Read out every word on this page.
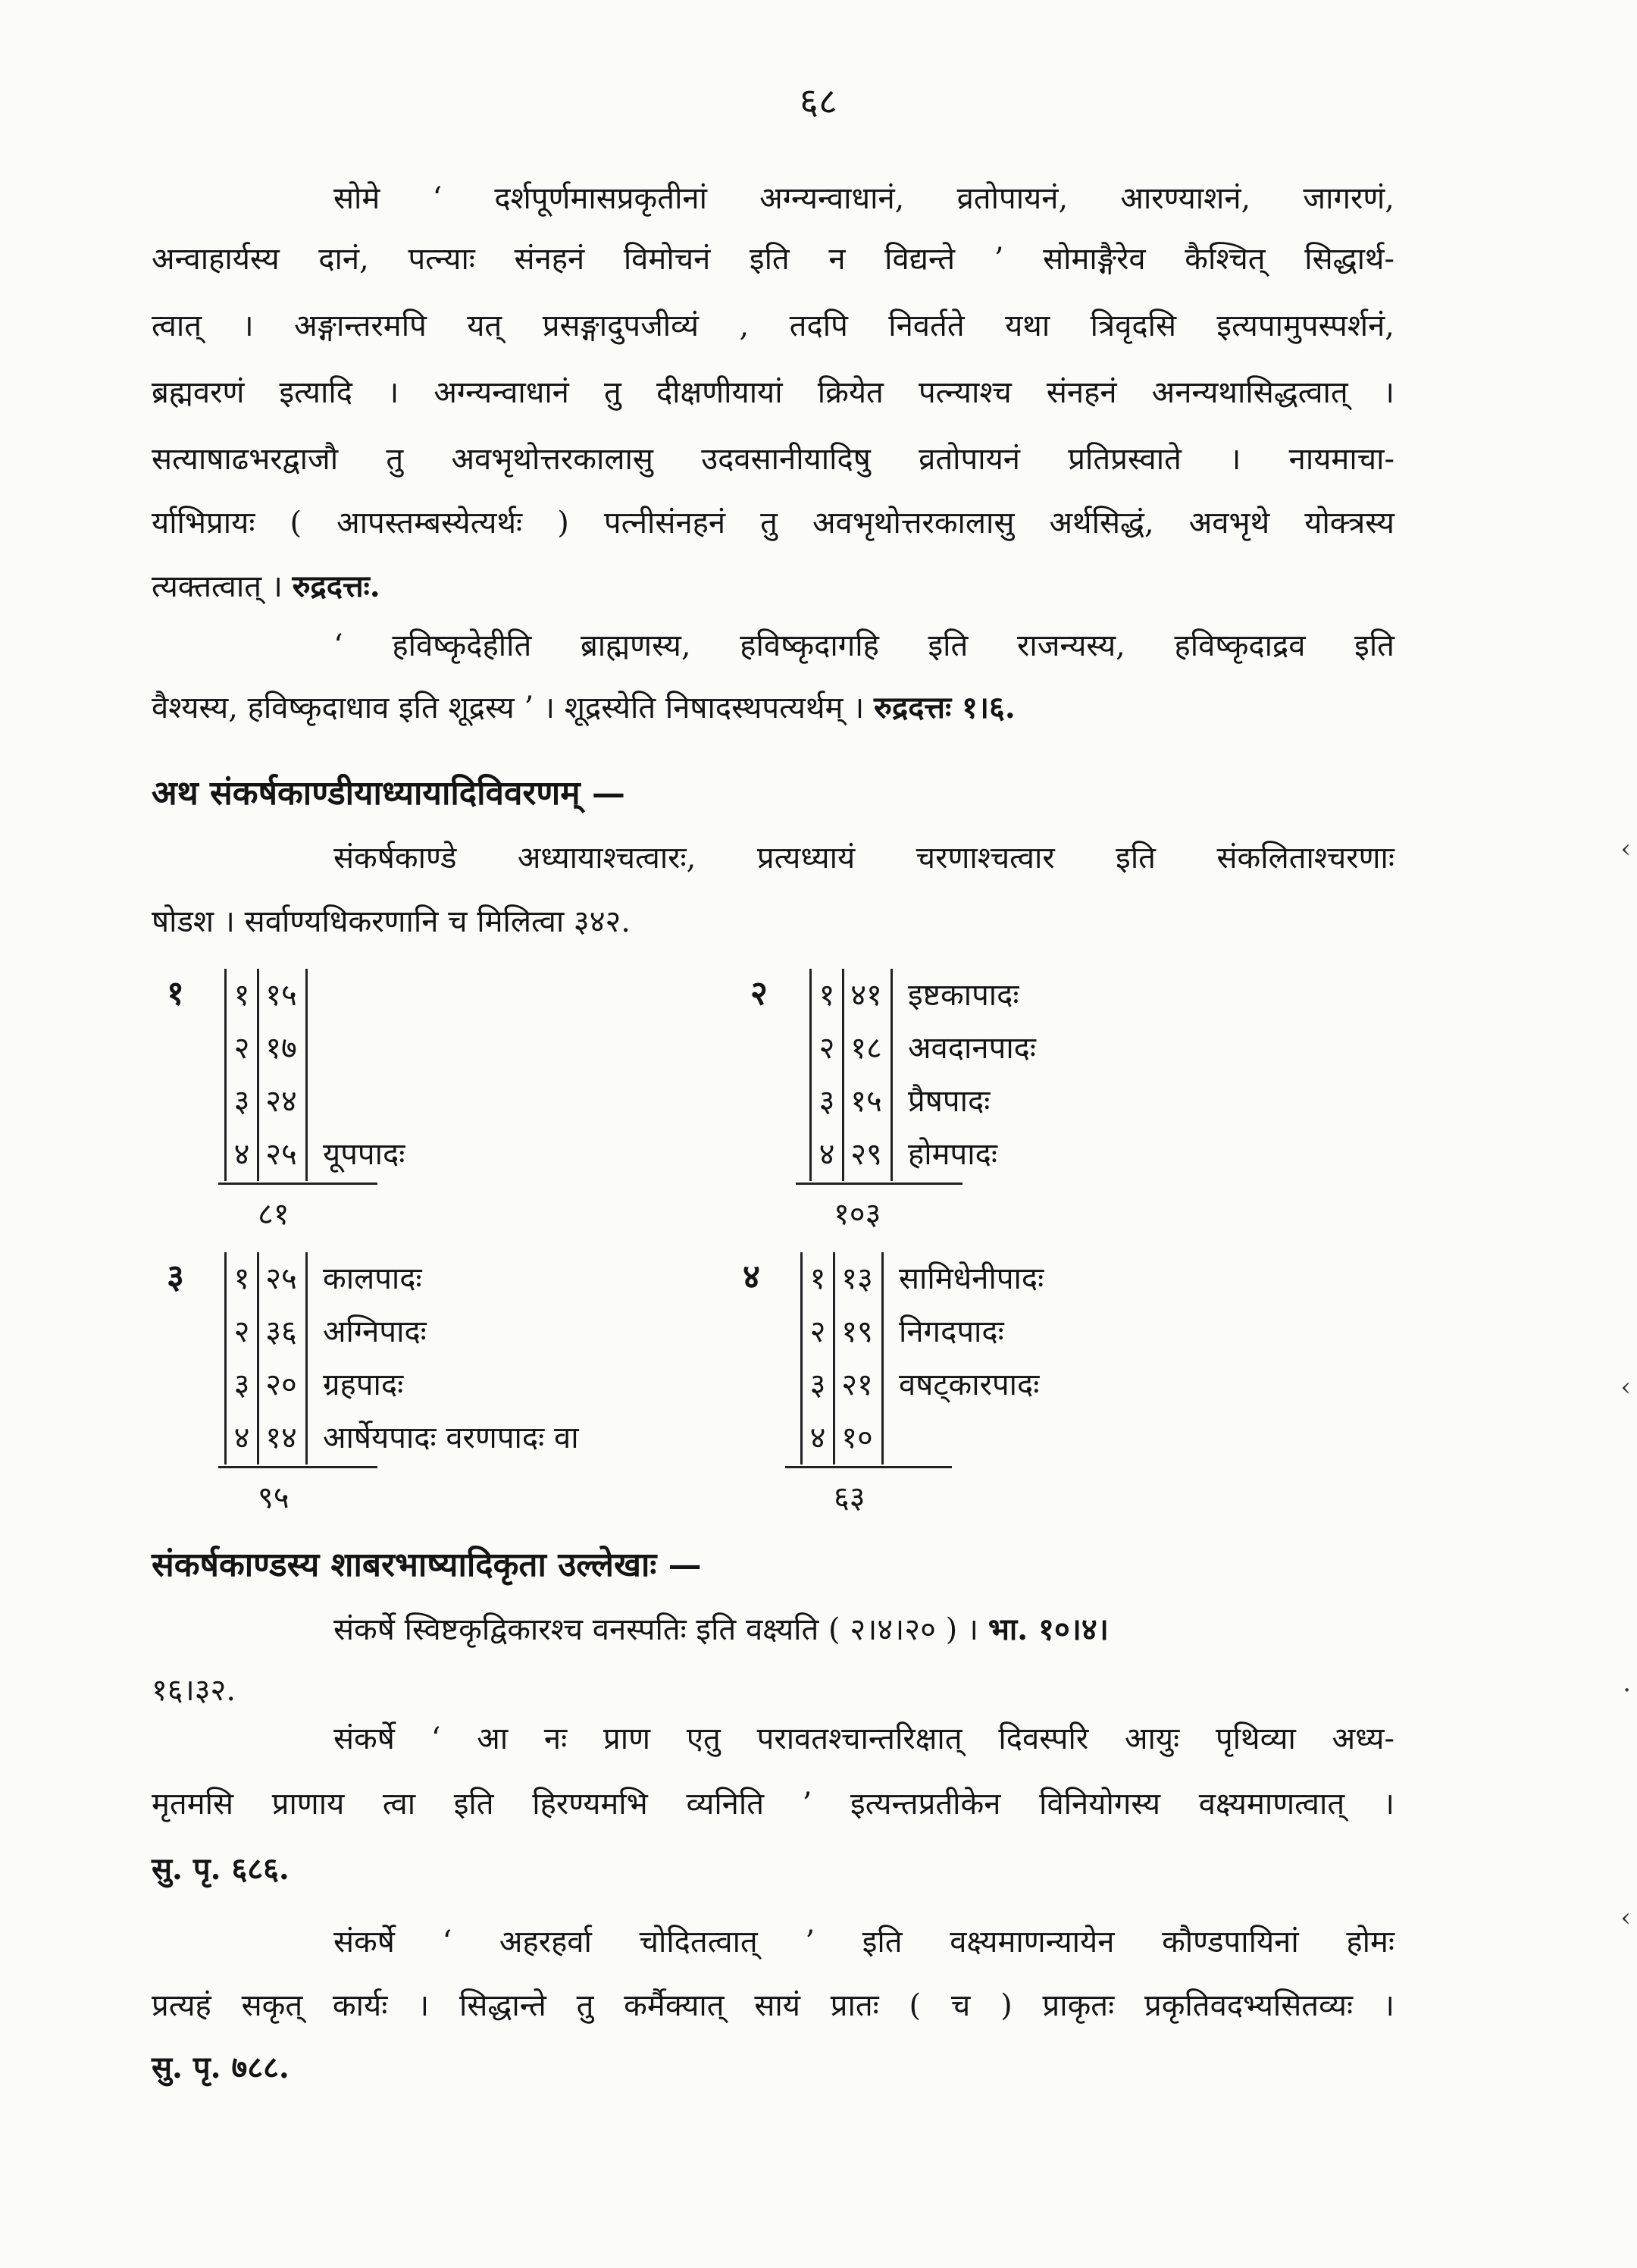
६८
सोमे ‘ दर्शपूर्णमासप्रकृतीनां अग्न्यन्वाधानं, व्रतोपायनं, आरण्याशनं, जागरणं,
अन्वाहार्यस्य दानं, पत्न्याः संनहनं विमोचनं इति न विद्यन्ते ’ सोमाङ्गैरेव कैश्चित् सिद्धार्थ-
त्वात् । अङ्गान्तरमपि यत् प्रसङ्गादुपजीव्यं , तदपि निवर्तते यथा त्रिवृदसि इत्यपामुपस्पर्शनं,
ब्रह्मवरणं इत्यादि । अग्न्यन्वाधानं तु दीक्षणीयायां क्रियेत पत्न्याश्च संनहनं अनन्यथासिद्धत्वात् ।
सत्याषाढभरद्वाजौ तु अवभृथोत्तरकालासु उदवसानीयादिषु व्रतोपायनं प्रतिप्रस्वाते । नायमाचा-
र्याभिप्रायः ( आपस्तम्बस्येत्यर्थः ) पत्नीसंनहनं तु अवभृथोत्तरकालासु अर्थसिद्धं, अवभृथे योक्त्रस्य
त्यक्तत्वात् । रुद्रदत्तः.
‘ हविष्कृदेहीति ब्राह्मणस्य, हविष्कृदागहि इति राजन्यस्य, हविष्कृदाद्रव इति
वैश्यस्य, हविष्कृदाधाव इति शूद्रस्य ’ । शूद्रस्येति निषादस्थपत्यर्थम् । रुद्रदत्तः १।६.
अथ संकर्षकाण्डीयाध्यायादिविवरणम् —
संकर्षकाण्डे अध्यायाश्चत्वारः, प्रत्यध्यायं चरणाश्चत्वार इति संकलिताश्चरणाः
षोडश । सर्वाण्यधिकरणानि च मिलित्वा ३४२.
१	१ १५
२ १७
३ २४
४ २५ यूपपादः
८१
२	१ ४१ इष्टकापादः
२ १८ अवदानपादः
३ १५ प्रैषपादः
४ २९ होमपादः
१०३
३	१ २५ कालपादः
२ ३६ अग्निपादः
३ २० ग्रहपादः
४ १४ आर्षेयपादः वरणपादः वा
९५
४	१ १३ सामिधेनीपादः
२ १९ निगदपादः
३ २१ वषट्कारपादः
४ १०
६३
संकर्षकाण्डस्य शाबरभाष्यादिकृता उल्लेखाः —
संकर्षे स्विष्टकृद्विकारश्च वनस्पतिः इति वक्ष्यति ( २।४।२० ) । भा. १०।४।
१६।३२.
संकर्षे ‘ आ नः प्राण एतु परावतश्चान्तरिक्षात् दिवस्परि आयुः पृथिव्या अध्य-
मृतमसि प्राणाय त्वा इति हिरण्यमभि व्यनिति ’ इत्यन्तप्रतीकेन विनियोगस्य वक्ष्यमाणत्वात् ।
सु. पृ. ६८६.
संकर्षे ‘ अहरहर्वा चोदितत्वात् ’ इति वक्ष्यमाणन्यायेन कौण्डपायिनां होमः
प्रत्यहं सकृत् कार्यः । सिद्धान्ते तु कर्मैक्यात् सायं प्रातः ( च ) प्राकृतः प्रकृतिवदभ्यसितव्यः ।
सु. पृ. ७८८.
‹
‹
·
‹
